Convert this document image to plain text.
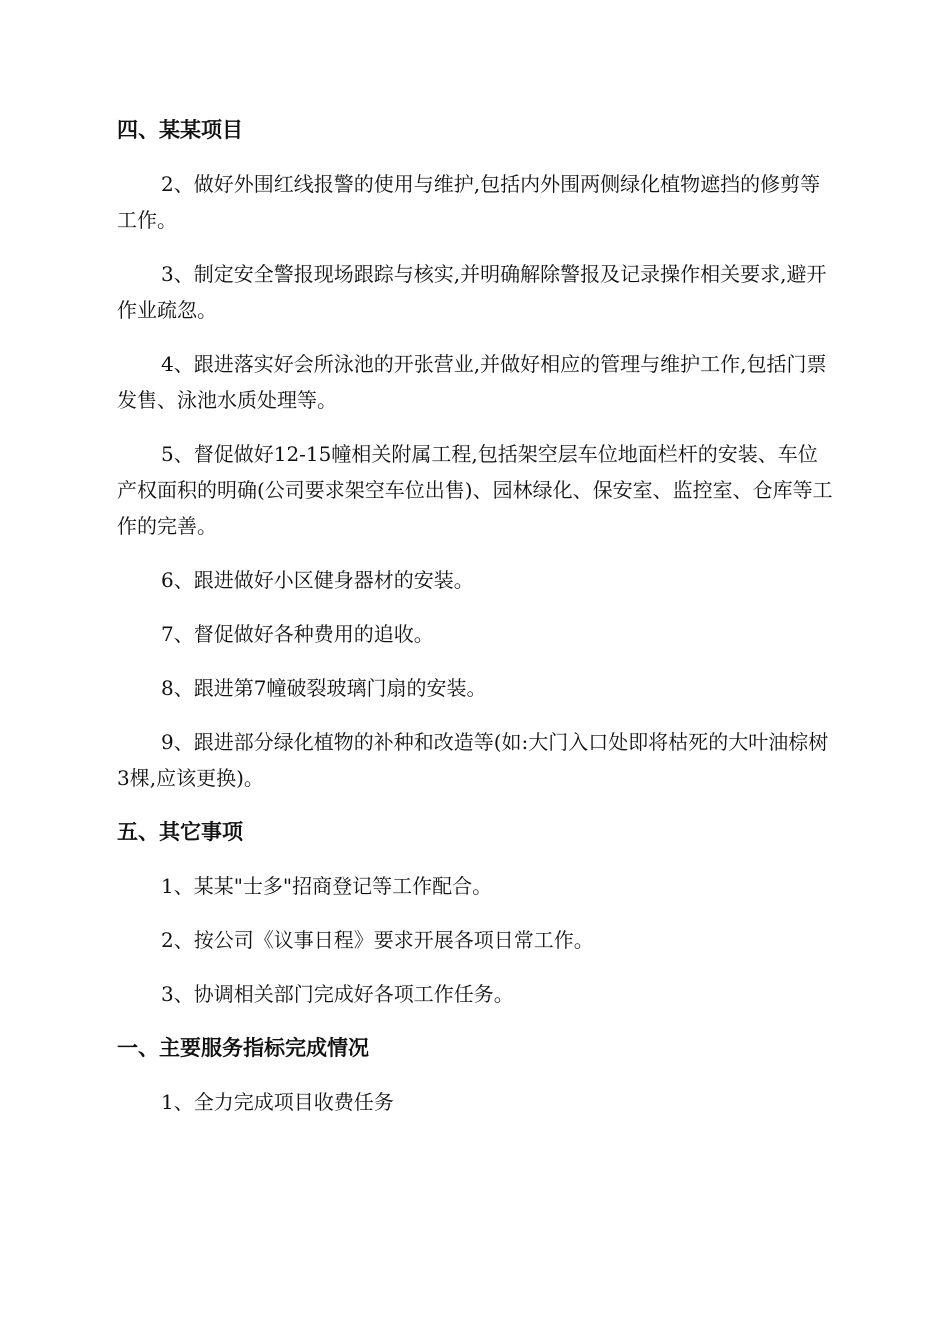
四、某某项目

2、做好外围红线报警的使用与维护,包括内外围两侧绿化植物遮挡的修剪等工作。

3、制定安全警报现场跟踪与核实,并明确解除警报及记录操作相关要求,避开作业疏忽。

4、跟进落实好会所泳池的开张营业,并做好相应的管理与维护工作,包括门票发售、泳池水质处理等。

5、督促做好12-15幢相关附属工程,包括架空层车位地面栏杆的安装、车位产权面积的明确(公司要求架空车位出售)、园林绿化、保安室、监控室、仓库等工作的完善。

6、跟进做好小区健身器材的安装。

7、督促做好各种费用的追收。

8、跟进第7幢破裂玻璃门扇的安装。

9、跟进部分绿化植物的补种和改造等(如:大门入口处即将枯死的大叶油棕树3棵,应该更换)。

五、其它事项

1、某某"士多"招商登记等工作配合。

2、按公司《议事日程》要求开展各项日常工作。

3、协调相关部门完成好各项工作任务。

一、主要服务指标完成情况

1、全力完成项目收费任务
